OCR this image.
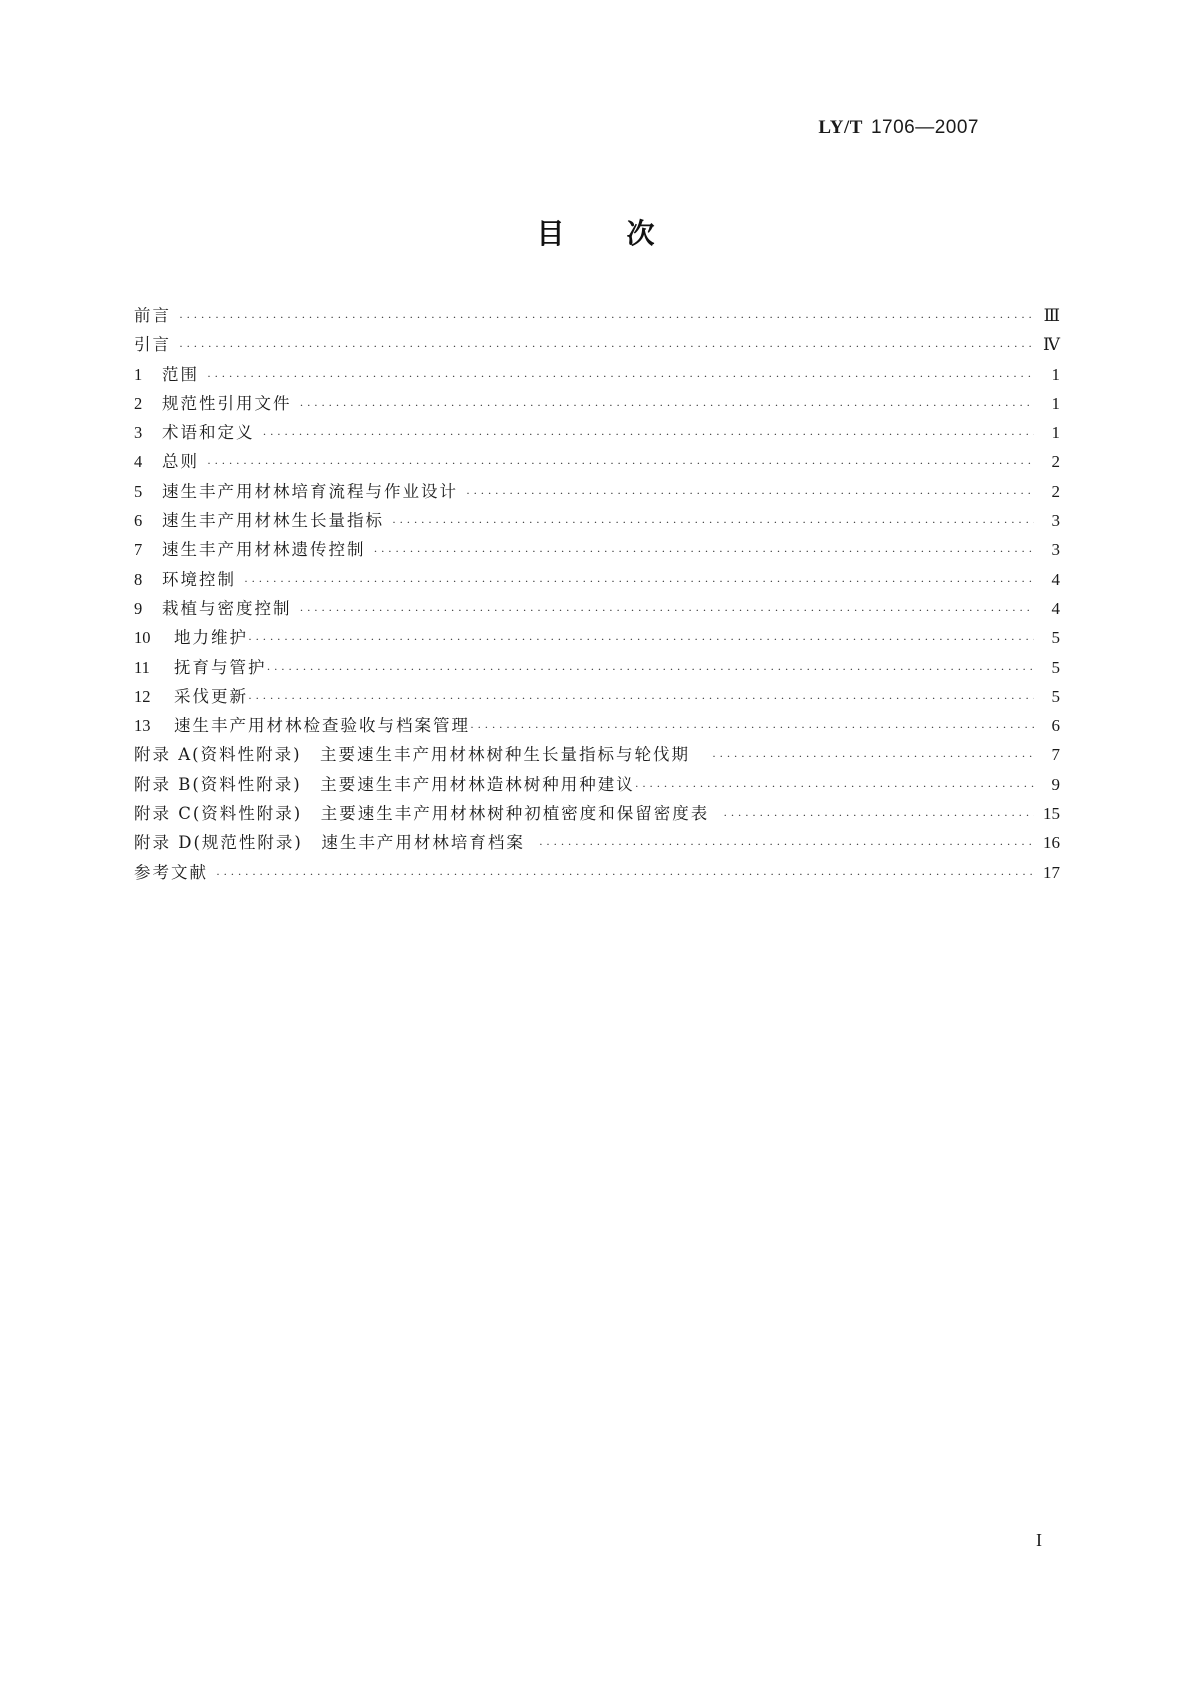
LY/T 1706—2007
目次
前言 ·····	Ⅲ
引言 ·····	Ⅳ
1	范围 ·····	1
2	规范性引用文件 ·····	1
3	术语和定义 ·····	1
4	总则 ·····	2
5	速生丰产用材林培育流程与作业设计 ·····	2
6	速生丰产用材林生长量指标 ·····	3
7	速生丰产用材林遗传控制 ·····	3
8	环境控制 ·····	4
9	栽植与密度控制 ·····	4
10	地力维护 ·····	5
11	抚育与管护 ·····	5
12	采伐更新 ·····	5
13	速生丰产用材林检查验收与档案管理 ·····	6
附录 A(资料性附录)　主要速生丰产用材林树种生长量指标与轮伐期 ·····	7
附录 B(资料性附录)　主要速生丰产用材林造林树种用种建议 ·····	9
附录 C(资料性附录)　主要速生丰产用材林树种初植密度和保留密度表 ·····	15
附录 D(规范性附录)　速生丰产用材林培育档案 ·····	16
参考文献 ·····	17
I
